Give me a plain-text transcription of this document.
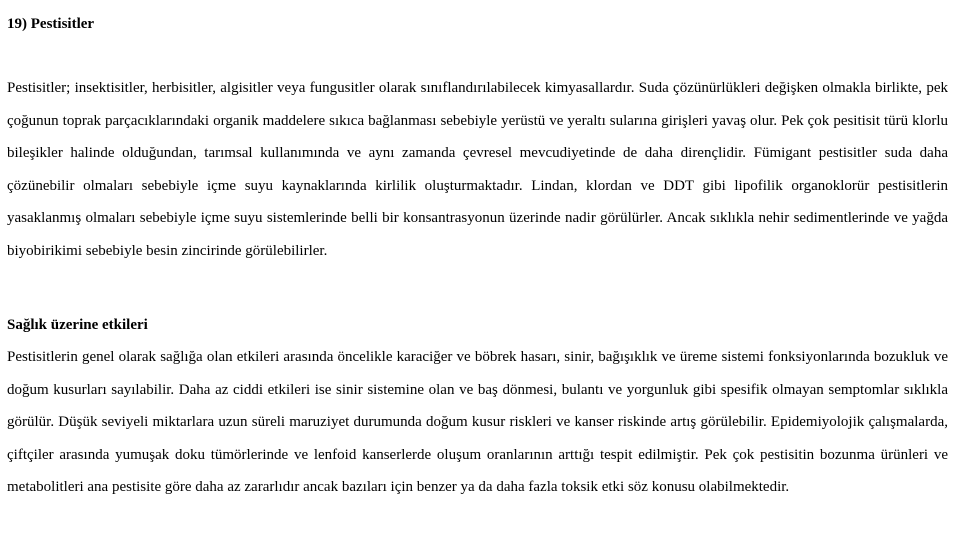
19) Pestisitler

Pestisitler; insektisitler, herbisitler, algisitler veya fungusitler olarak sınıflandırılabilecek kimyasallardır. Suda çözünürlükleri değişken olmakla birlikte, pek çoğunun toprak parçacıklarındaki organik maddelere sıkıca bağlanması sebebiyle yerüstü ve yeraltı sularına girişleri yavaş olur. Pek çok pesitisit türü klorlu bileşikler halinde olduğundan, tarımsal kullanımında ve aynı zamanda çevresel mevcudiyetinde de daha dirençlidir. Fümigant pestisitler suda daha çözünebilir olmaları sebebiyle içme suyu kaynaklarında kirlilik oluşturmaktadır. Lindan, klordan ve DDT gibi lipofilik organoklorür pestisitlerin yasaklanmış olmaları sebebiyle içme suyu sistemlerinde belli bir konsantrasyonun üzerinde nadir görülürler. Ancak sıklıkla nehir sedimentlerinde ve yağda biyobirikimi sebebiyle besin zincirinde görülebilirler.

Sağlık üzerine etkileri

Pestisitlerin genel olarak sağlığa olan etkileri arasında öncelikle karaciğer ve böbrek hasarı, sinir, bağışıklık ve üreme sistemi fonksiyonlarında bozukluk ve doğum kusurları sayılabilir. Daha az ciddi etkileri ise sinir sistemine olan ve baş dönmesi, bulantı ve yorgunluk gibi spesifik olmayan semptomlar sıklıkla görülür. Düşük seviyeli miktarlara uzun süreli maruziyet durumunda doğum kusur riskleri ve kanser riskinde artış görülebilir. Epidemiyolojik çalışmalarda, çiftçiler arasında yumuşak doku tümörlerinde ve lenfoid kanserlerde oluşum oranlarının arttığı tespit edilmiştir. Pek çok pestisitin bozunma ürünleri ve metabolitleri ana pestisite göre daha az zararlıdır ancak bazıları için benzer ya da daha fazla toksik etki söz konusu olabilmektedir.
